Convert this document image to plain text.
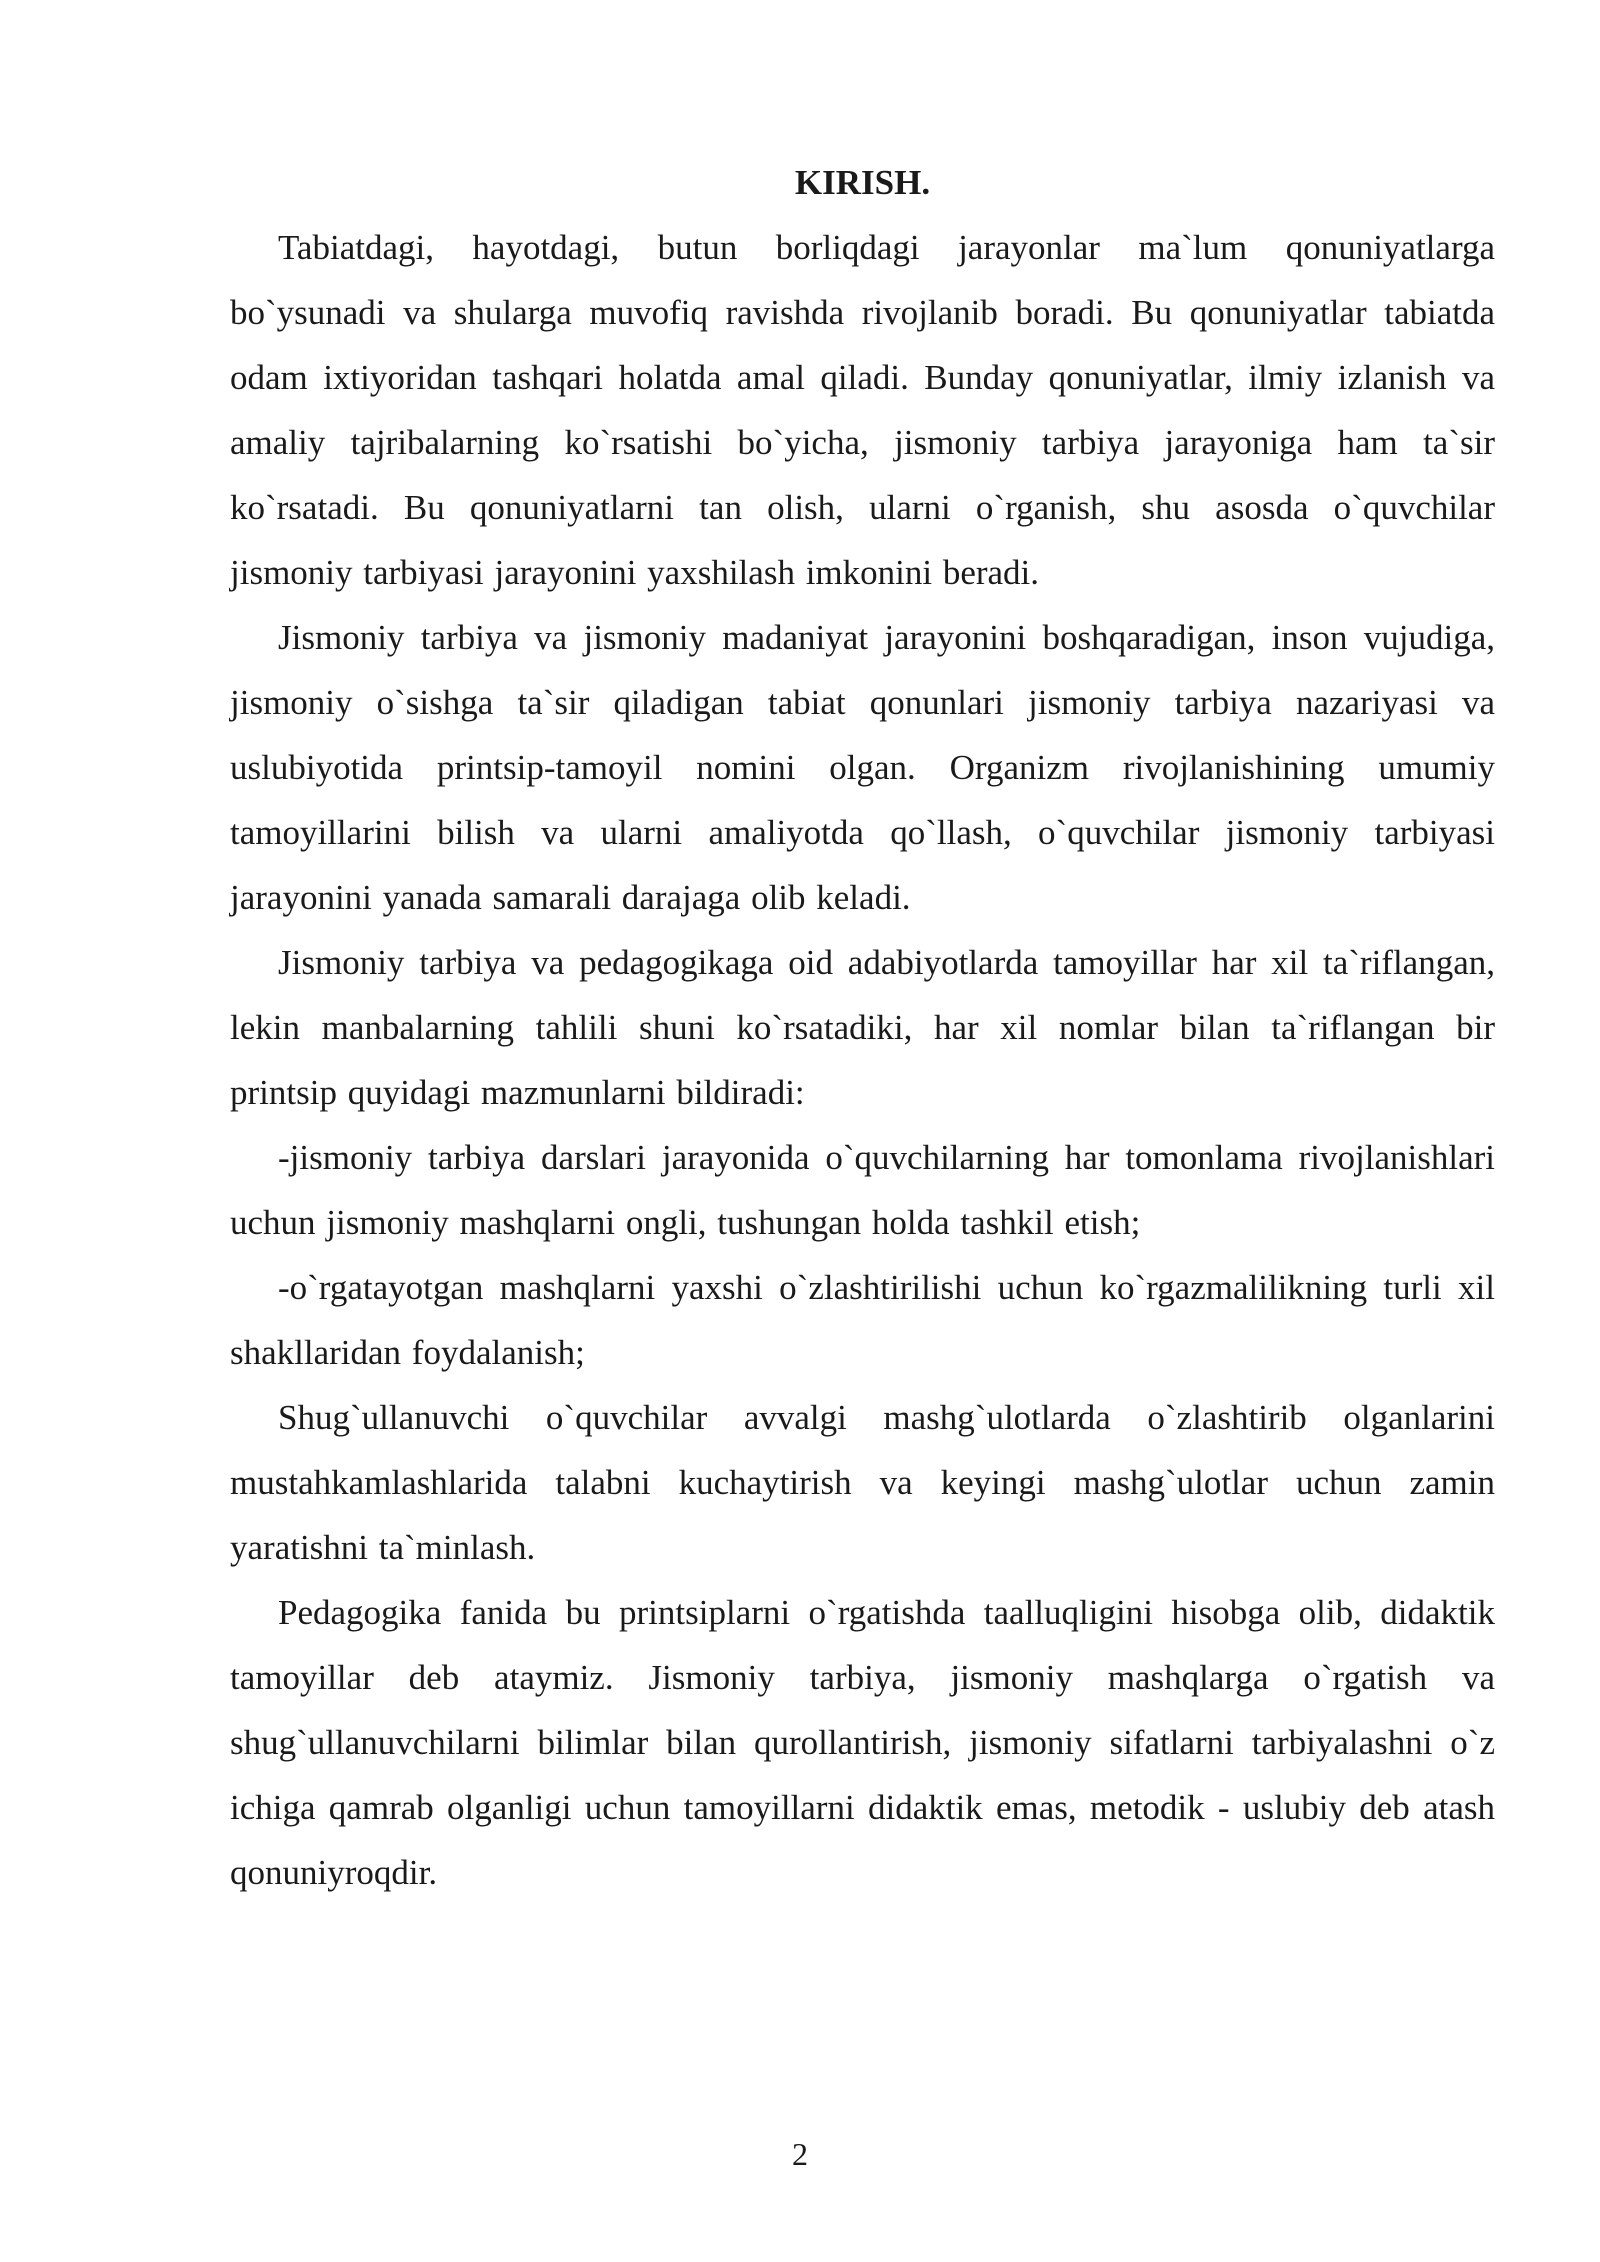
KIRISH.

Tabiatdagi, hayotdagi, butun borliqdagi jarayonlar ma`lum qonuniyatlarga bo`ysunadi va shularga muvofiq ravishda rivojlanib boradi. Bu qonuniyatlar tabiatda odam ixtiyoridan tashqari holatda amal qiladi. Bunday qonuniyatlar, ilmiy izlanish va amaliy tajribalarning ko`rsatishi bo`yicha, jismoniy tarbiya jarayoniga ham ta`sir ko`rsatadi. Bu qonuniyatlarni tan olish, ularni o`rganish, shu asosda o`quvchilar jismoniy tarbiyasi jarayonini yaxshilash imkonini beradi.

Jismoniy tarbiya va jismoniy madaniyat jarayonini boshqaradigan, inson vujudiga, jismoniy o`sishga ta`sir qiladigan tabiat qonunlari jismoniy tarbiya nazariyasi va uslubiyotida printsip-tamoyil nomini olgan. Organizm rivojlanishining umumiy tamoyillarini bilish va ularni amaliyotda qo`llash, o`quvchilar jismoniy tarbiyasi jarayonini yanada samarali darajaga olib keladi.

Jismoniy tarbiya va pedagogikaga oid adabiyotlarda tamoyillar har xil ta`riflangan, lekin manbalarning tahlili shuni ko`rsatadiki, har xil nomlar bilan ta`riflangan bir printsip quyidagi mazmunlarni bildiradi:

-jismoniy tarbiya darslari jarayonida o`quvchilarning har tomonlama rivojlanishlari uchun jismoniy mashqlarni ongli, tushungan holda tashkil etish;

-o`rgatayotgan mashqlarni yaxshi o`zlashtirilishi uchun ko`rgazmalilikning turli xil shakllaridan foydalanish;

Shug`ullanuvchi o`quvchilar avvalgi mashg`ulotlarda o`zlashtirib olganlarini mustahkamlashlarida talabni kuchaytirish va keyingi mashg`ulotlar uchun zamin yaratishni ta`minlash.

Pedagogika fanida bu printsiplarni o`rgatishda taalluqligini hisobga olib, didaktik tamoyillar deb ataymiz. Jismoniy tarbiya, jismoniy mashqlarga o`rgatish va shug`ullanuvchilarni bilimlar bilan qurollantirish, jismoniy sifatlarni tarbiyalashni o`z ichiga qamrab olganligi uchun tamoyillarni didaktik emas, metodik - uslubiy deb atash qonuniyroqdir.

2
